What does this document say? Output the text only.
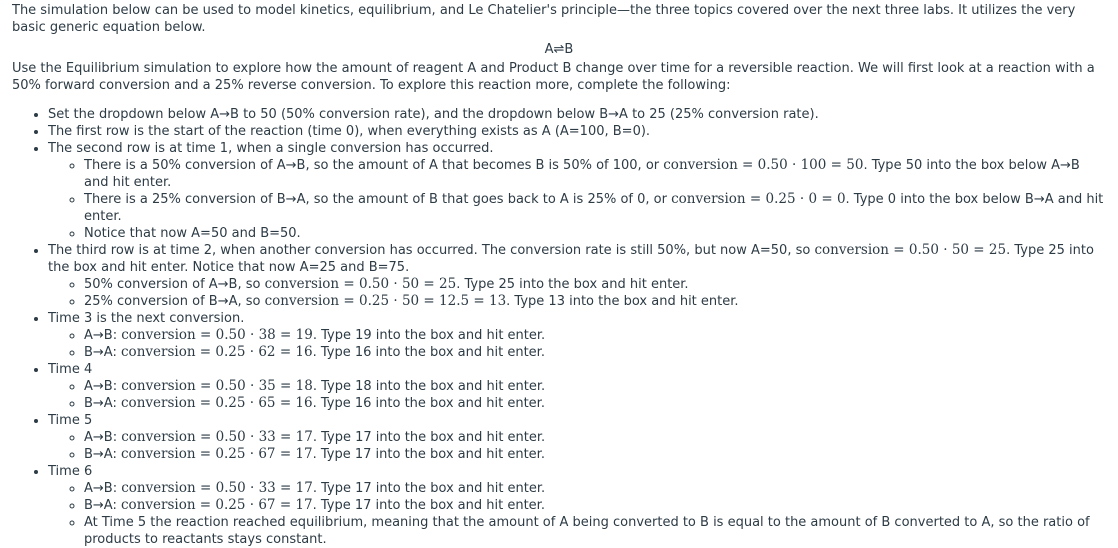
The simulation below can be used to model kinetics, equilibrium, and Le Chatelier's principle—the three topics covered over the next three labs. It utilizes the very basic generic equation below.

A⇌B

Use the Equilibrium simulation to explore how the amount of reagent A and Product B change over time for a reversible reaction. We will first look at a reaction with a 50% forward conversion and a 25% reverse conversion. To explore this reaction more, complete the following:

• Set the dropdown below A→B to 50 (50% conversion rate), and the dropdown below B→A to 25 (25% conversion rate).
• The first row is the start of the reaction (time 0), when everything exists as A (A=100, B=0).
• The second row is at time 1, when a single conversion has occurred.
◦ There is a 50% conversion of A→B, so the amount of A that becomes B is 50% of 100, or conversion = 0.50 · 100 = 50. Type 50 into the box below A→B and hit enter.
◦ There is a 25% conversion of B→A, so the amount of B that goes back to A is 25% of 0, or conversion = 0.25 · 0 = 0. Type 0 into the box below B→A and hit enter.
◦ Notice that now A=50 and B=50.
• The third row is at time 2, when another conversion has occurred. The conversion rate is still 50%, but now A=50, so conversion = 0.50 · 50 = 25. Type 25 into the box and hit enter. Notice that now A=25 and B=75.
◦ 50% conversion of A→B, so conversion = 0.50 · 50 = 25. Type 25 into the box and hit enter.
◦ 25% conversion of B→A, so conversion = 0.25 · 50 = 12.5 = 13. Type 13 into the box and hit enter.
• Time 3 is the next conversion.
◦ A→B: conversion = 0.50 · 38 = 19. Type 19 into the box and hit enter.
◦ B→A: conversion = 0.25 · 62 = 16. Type 16 into the box and hit enter.
• Time 4
◦ A→B: conversion = 0.50 · 35 = 18. Type 18 into the box and hit enter.
◦ B→A: conversion = 0.25 · 65 = 16. Type 16 into the box and hit enter.
• Time 5
◦ A→B: conversion = 0.50 · 33 = 17. Type 17 into the box and hit enter.
◦ B→A: conversion = 0.25 · 67 = 17. Type 17 into the box and hit enter.
• Time 6
◦ A→B: conversion = 0.50 · 33 = 17. Type 17 into the box and hit enter.
◦ B→A: conversion = 0.25 · 67 = 17. Type 17 into the box and hit enter.
◦ At Time 5 the reaction reached equilibrium, meaning that the amount of A being converted to B is equal to the amount of B converted to A, so the ratio of products to reactants stays constant.
